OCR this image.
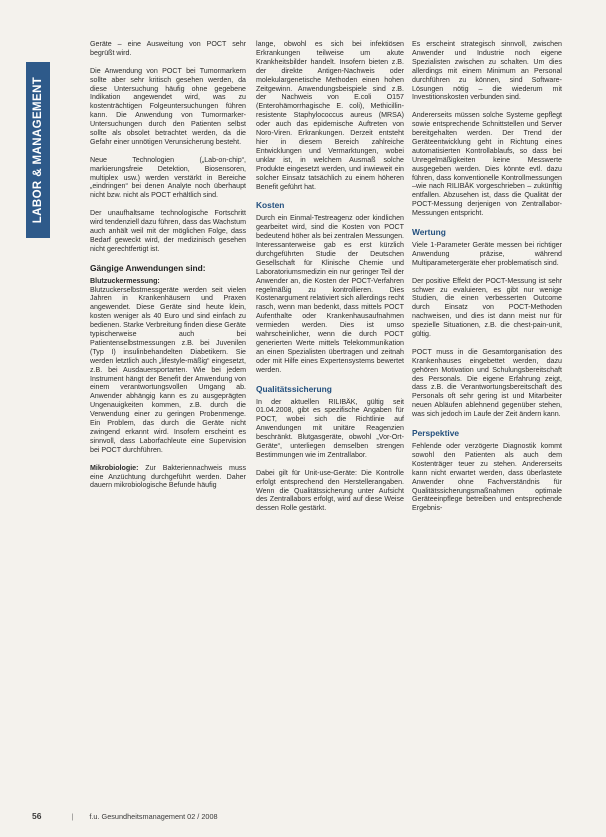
LABOR & MANAGEMENT

Geräte – eine Ausweitung von POCT sehr begrüßt wird.

Die Anwendung von POCT bei Tumormarkern sollte aber sehr kritisch gesehen werden, da diese Untersuchung häufig ohne gegebene Indikation angewendet wird, was zu kostenträchtigen Folgeuntersuchungen führen kann. Die Anwendung von Tumormarker-Untersuchungen durch den Patienten selbst sollte als obsolet betrachtet werden, da die Gefahr einer unnötigen Verunsicherung besteht.

Neue Technologien („Lab-on-chip“, markierungsfreie Detektion, Biosensoren, multiplex usw.) werden verstärkt in Bereiche „eindringen“ bei denen Analyte noch überhaupt nicht bzw. nicht als POCT erhältlich sind.

Der unaufhaltsame technologische Fortschritt wird tendenziell dazu führen, dass das Wachstum auch anhält weil mit der möglichen Folge, dass Bedarf geweckt wird, der medizinisch gesehen nicht gerechtfertigt ist.

Gängige Anwendungen sind:

Blutzuckermessung: Blutzuckerselbstmessgeräte werden seit vielen Jahren in Krankenhäusern und Praxen angewendet. Diese Geräte sind heute klein, kosten weniger als 40 Euro und sind einfach zu bedienen. Starke Verbreitung finden diese Geräte typischerweise auch bei Patientenselbstmessungen z.B. bei Juvenilen (Typ I) insulinbehandelten Diabetikern. Sie werden letztlich auch „lifestyle-mäßig“ eingesetzt, z.B. bei Ausdauersportarten. Wie bei jedem Instrument hängt der Benefit der Anwendung von einem verantwortungsvollen Umgang ab. Anwender abhängig kann es zu ausgeprägten Ungenauigkeiten kommen, z.B. durch die Verwendung einer zu geringen Probenmenge. Ein Problem, das durch die Geräte nicht zwingend erkannt wird. Insofern erscheint es sinnvoll, dass Laborfachleute eine Supervision bei POCT durchführen.

Mikrobiologie: Zur Bakteriennachweis muss eine Anzüchtung durchgeführt werden. Daher dauern mikrobiologische Befunde häufig

lange, obwohl es sich bei infektiösen Erkrankungen teilweise um akute Krankheitsbilder handelt. Insofern bieten z.B. der direkte Antigen-Nachweis oder molekulargenetische Methoden einen hohen Zeitgewinn. Anwendungsbeispiele sind z.B. der Nachweis von E.coli O157 (Enterohämorrhagische E. coli), Methicillin-resistente Staphylococcus aureus (MRSA) oder auch das epidemische Auftreten von Noro-Viren. Erkrankungen. Derzeit entsteht hier in diesem Bereich zahlreiche Entwicklungen und Vermarktungen, wobei unklar ist, in welchem Ausmaß solche Produkte eingesetzt werden, und inwieweit ein solcher Einsatz tatsächlich zu einem höheren Benefit geführt hat.

Kosten

Durch ein Einmal-Testreagenz oder kindlichen gearbeitet wird, sind die Kosten von POCT bedeutend höher als bei zentralen Messungen. Interessanterweise gab es erst kürzlich durchgeführten Studie der Deutschen Gesellschaft für Klinische Chemie und Laboratoriumsmedizin ein nur geringer Teil der Anwender an, die Kosten der POCT-Verfahren regelmäßig zu kontrollieren. Dies Kostenargument relativiert sich allerdings recht rasch, wenn man bedenkt, dass mittels POCT Aufenthalte oder Krankenhausaufnahmen vermieden werden. Dies ist umso wahrscheinlicher, wenn die durch POCT generierten Werte mittels Telekommunikation an einen Spezialisten übertragen und zeitnah oder mit Hilfe eines Expertensystems bewertet werden.

Qualitätssicherung

In der aktuellen RILIBÄK, gültig seit 01.04.2008, gibt es spezifische Angaben für POCT, wobei sich die Richtlinie auf Anwendungen mit unitäre Reagenzien beschränkt. Blutgasgeräte, obwohl „Vor-Ort-Geräte“, unterliegen demselben strengen Bestimmungen wie im Zentrallabor.

Dabei gilt für Unit-use-Geräte: Die Kontrolle erfolgt entsprechend den Herstellerangaben. Wenn die Qualitätssicherung unter Aufsicht des Zentrallabors erfolgt, wird auf diese Weise dessen Rolle gestärkt.

Es erscheint strategisch sinnvoll, zwischen Anwender und Industrie noch eigene Spezialisten zwischen zu schalten. Um dies allerdings mit einem Minimum an Personal durchführen zu können, sind Software-Lösungen nötig – die wiederum mit Investitionskosten verbunden sind.

Andererseits müssen solche Systeme gepflegt sowie entsprechende Schnittstellen und Server bereitgehalten werden. Der Trend der Geräteentwicklung geht in Richtung eines automatisierten Kontrollablaufs, so dass bei Unregelmäßigkeiten keine Messwerte ausgegeben werden. Dies könnte evtl. dazu führen, dass konventionelle Kontrollmessungen –wie nach RILIBÄK vorgeschrieben – zukünftig entfallen. Abzusehen ist, dass die Qualität der POCT-Messung derjenigen von Zentrallabor-Messungen entspricht.

Wertung

Viele 1-Parameter Geräte messen bei richtiger Anwendung präzise, während Multiparametergeräte eher problematisch sind.

Der positive Effekt der POCT-Messung ist sehr schwer zu evaluieren, es gibt nur wenige Studien, die einen verbesserten Outcome durch Einsatz von POCT-Methoden nachweisen, und dies ist dann meist nur für spezielle Situationen, z.B. die chest-pain-unit, gültig.

POCT muss in die Gesamtorganisation des Krankenhauses eingebettet werden, dazu gehören Motivation und Schulungsbereitschaft des Personals. Die eigene Erfahrung zeigt, dass z.B. die Verantwortungsbereitschaft des Personals oft sehr gering ist und Mitarbeiter neuen Abläufen ablehnend gegenüber stehen, was sich jedoch im Laufe der Zeit ändern kann.

Perspektive

Fehlende oder verzögerte Diagnostik kommt sowohl den Patienten als auch dem Kostenträger teuer zu stehen. Andererseits kann nicht erwartet werden, dass überlastete Anwender ohne Fachverständnis für Qualitätssicherungsmaßnahmen optimale Geräteeinpflege betreiben und entsprechende Ergebnis-

56	| f.u. Gesundheitsmanagement 02 / 2008
